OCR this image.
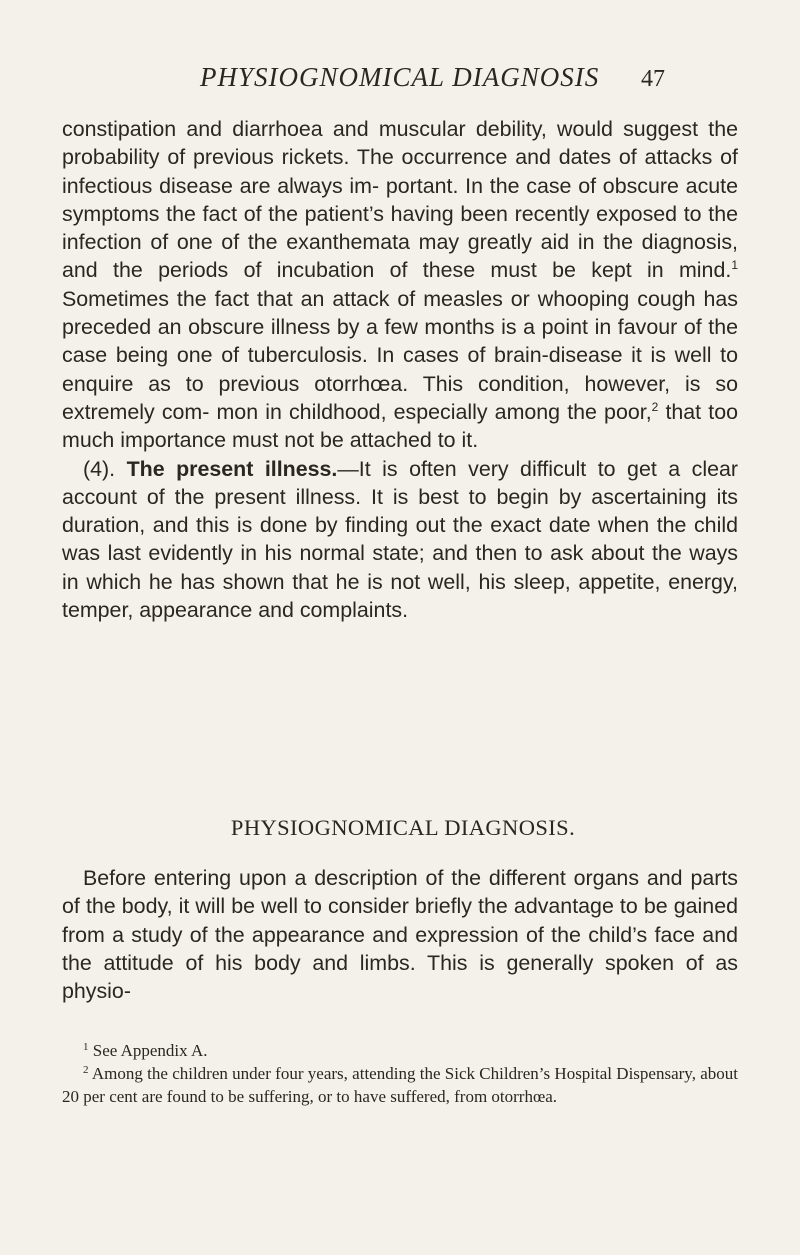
PHYSIOGNOMICAL DIAGNOSIS 47

constipation and diarrhoea and muscular debility, would suggest the probability of previous rickets. The occurrence and dates of attacks of infectious disease are always im- portant. In the case of obscure acute symptoms the fact of the patient’s having been recently exposed to the infection of one of the exanthemata may greatly aid in the diagnosis, and the periods of incubation of these must be kept in mind.$^1$ Sometimes the fact that an attack of measles or whooping cough has preceded an obscure illness by a few months is a point in favour of the case being one of tuberculosis. In cases of brain-disease it is well to enquire as to previous otorrhœa. This condition, however, is so extremely com- mon in childhood, especially among the poor,$^2$ that too much importance must not be attached to it.

(4). The present illness.—It is often very difficult to get a clear account of the present illness. It is best to begin by ascertaining its duration, and this is done by finding out the exact date when the child was last evidently in his normal state; and then to ask about the ways in which he has shown that he is not well, his sleep, appetite, energy, temper, appearance and complaints.

PHYSIOGNOMICAL DIAGNOSIS.

Before entering upon a description of the different organs and parts of the body, it will be well to consider briefly the advantage to be gained from a study of the appearance and expression of the child’s face and the attitude of his body and limbs. This is generally spoken of as physio-

$^1$ See Appendix A.

$^2$ Among the children under four years, attending the Sick Children’s Hospital Dispensary, about 20 per cent are found to be suffering, or to have suffered, from otorrhœa.
